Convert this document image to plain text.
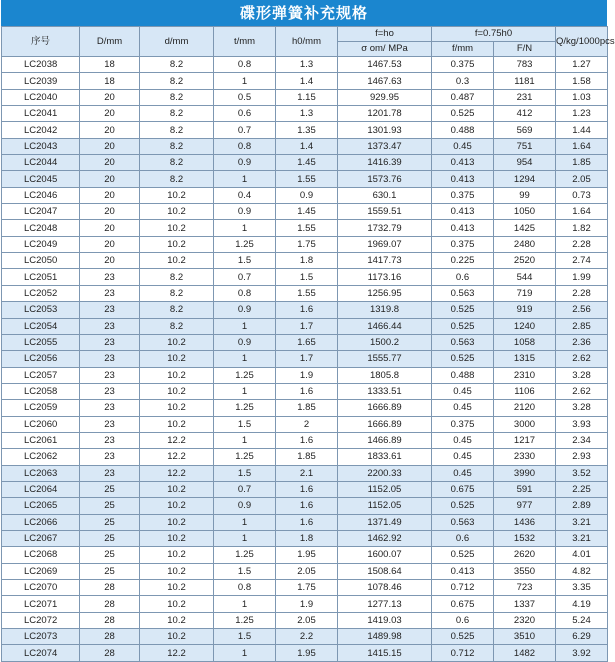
碟形弹簧补充规格
序号	D/mm	d/mm	t/mm	h0/mm	f=ho	f=0.75h0		Q/kg/1000pcs
					σ om/ MPa	f/mm	F/N	
LC2038	18	8.2	0.8	1.3	1467.53	0.375	783	1.27
LC2039	18	8.2	1	1.4	1467.63	0.3	1181	1.58
LC2040	20	8.2	0.5	1.15	929.95	0.487	231	1.03
LC2041	20	8.2	0.6	1.3	1201.78	0.525	412	1.23
LC2042	20	8.2	0.7	1.35	1301.93	0.488	569	1.44
LC2043	20	8.2	0.8	1.4	1373.47	0.45	751	1.64
LC2044	20	8.2	0.9	1.45	1416.39	0.413	954	1.85
LC2045	20	8.2	1	1.55	1573.76	0.413	1294	2.05
LC2046	20	10.2	0.4	0.9	630.1	0.375	99	0.73
LC2047	20	10.2	0.9	1.45	1559.51	0.413	1050	1.64
LC2048	20	10.2	1	1.55	1732.79	0.413	1425	1.82
LC2049	20	10.2	1.25	1.75	1969.07	0.375	2480	2.28
LC2050	20	10.2	1.5	1.8	1417.73	0.225	2520	2.74
LC2051	23	8.2	0.7	1.5	1173.16	0.6	544	1.99
LC2052	23	8.2	0.8	1.55	1256.95	0.563	719	2.28
LC2053	23	8.2	0.9	1.6	1319.8	0.525	919	2.56
LC2054	23	8.2	1	1.7	1466.44	0.525	1240	2.85
LC2055	23	10.2	0.9	1.65	1500.2	0.563	1058	2.36
LC2056	23	10.2	1	1.7	1555.77	0.525	1315	2.62
LC2057	23	10.2	1.25	1.9	1805.8	0.488	2310	3.28
LC2058	23	10.2	1	1.6	1333.51	0.45	1106	2.62
LC2059	23	10.2	1.25	1.85	1666.89	0.45	2120	3.28
LC2060	23	10.2	1.5	2	1666.89	0.375	3000	3.93
LC2061	23	12.2	1	1.6	1466.89	0.45	1217	2.34
LC2062	23	12.2	1.25	1.85	1833.61	0.45	2330	2.93
LC2063	23	12.2	1.5	2.1	2200.33	0.45	3990	3.52
LC2064	25	10.2	0.7	1.6	1152.05	0.675	591	2.25
LC2065	25	10.2	0.9	1.6	1152.05	0.525	977	2.89
LC2066	25	10.2	1	1.6	1371.49	0.563	1436	3.21
LC2067	25	10.2	1	1.8	1462.92	0.6	1532	3.21
LC2068	25	10.2	1.25	1.95	1600.07	0.525	2620	4.01
LC2069	25	10.2	1.5	2.05	1508.64	0.413	3550	4.82
LC2070	28	10.2	0.8	1.75	1078.46	0.712	723	3.35
LC2071	28	10.2	1	1.9	1277.13	0.675	1337	4.19
LC2072	28	10.2	1.25	2.05	1419.03	0.6	2320	5.24
LC2073	28	10.2	1.5	2.2	1489.98	0.525	3510	6.29
LC2074	28	12.2	1	1.95	1415.15	0.712	1482	3.92
